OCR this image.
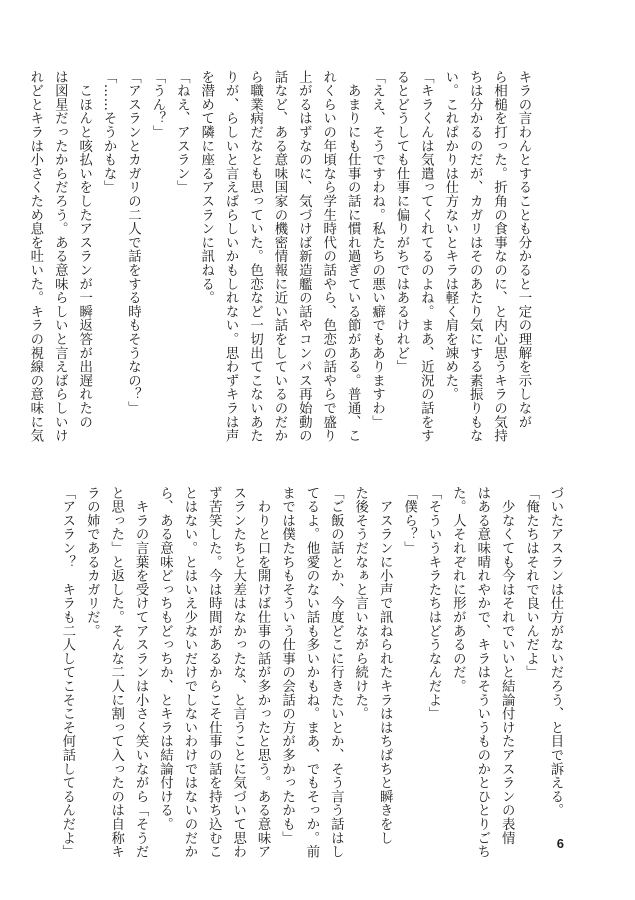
キラの言わんとすることも分かると一定の理解を示しなが
ら相槌を打った。折角の食事なのに、と内心思うキラの気持
ちは分かるのだが、カガリはそのあたり気にする素振りもな
い。これぱかりは仕方ないとキラは軽く肩を竦めた。
「キラくんは気遣ってくれてるのよね。まあ、近況の話をす
るとどうしても仕事に偏りがちではあるけれど」
「ええ、そうですわね。私たちの悪い癖でもありますわ」
　あまりにも仕事の話に慣れ過ぎている節がある。普通、こ
れくらいの年頃なら学生時代の話やら、色恋の話やらで盛り
上がるはずなのに、気づけば新造艦の話やコンパス再始動の
話など、ある意味国家の機密情報に近い話をしているのだか
ら職業病だなとも思っていた。色恋など一切出てこないあた
りが、らしいと言えばらしいかもしれない。思わずキラは声
を潜めて隣に座るアスランに訊ねる。
「ねえ、アスラン」
「うん？」
「アスランとカガリの二人で話をする時もそうなの？」
「……そうかもな」
　こほんと咳払いをしたアスランが一瞬返答が出遅れたの
は図星だったからだろう。ある意味らしいと言えばらしいけ
れどとキラは小さくため息を吐いた。キラの視線の意味に気
づいたアスランは仕方がないだろう、と目で訴える。
「俺たちはそれで良いんだよ」
　少なくても今はそれでいいと結論付けたアスランの表情
はある意味晴れやかで、キラはそういうものかとひとりごち
た。人それぞれに形があるのだ。
「そういうキラたちはどうなんだよ」
「僕ら？」
　アスランに小声で訊ねられたキラははちぱちと瞬きをし
た後そうだなぁと言いながら続けた。
「ご飯の話とか、今度どこに行きたいとか、そう言う話はし
てるよ。他愛のない話も多いかもね。まあ、でもそっか。前
までは僕たちもそういう仕事の会話の方が多かったかも」
　わりと口を開けば仕事の話が多かったと思う。ある意味ア
スランたちと大差はなかったな、と言うことに気づいて思わ
ず苦笑した。今は時間があるからこそ仕事の話を持ち込むこ
とはない。とはいえ少ないだけでしないわけではないのだか
ら、ある意味どっちもどっちか、とキラは結論付ける。
　キラの言葉を受けてアスランは小さく笑いながら「そうだ
と思った」と返した。そんな二人に割って入ったのは自称キ
ラの姉であるカガリだ。
「アスラン？　キラも二人してこそこそ何話してるんだよ」	6
